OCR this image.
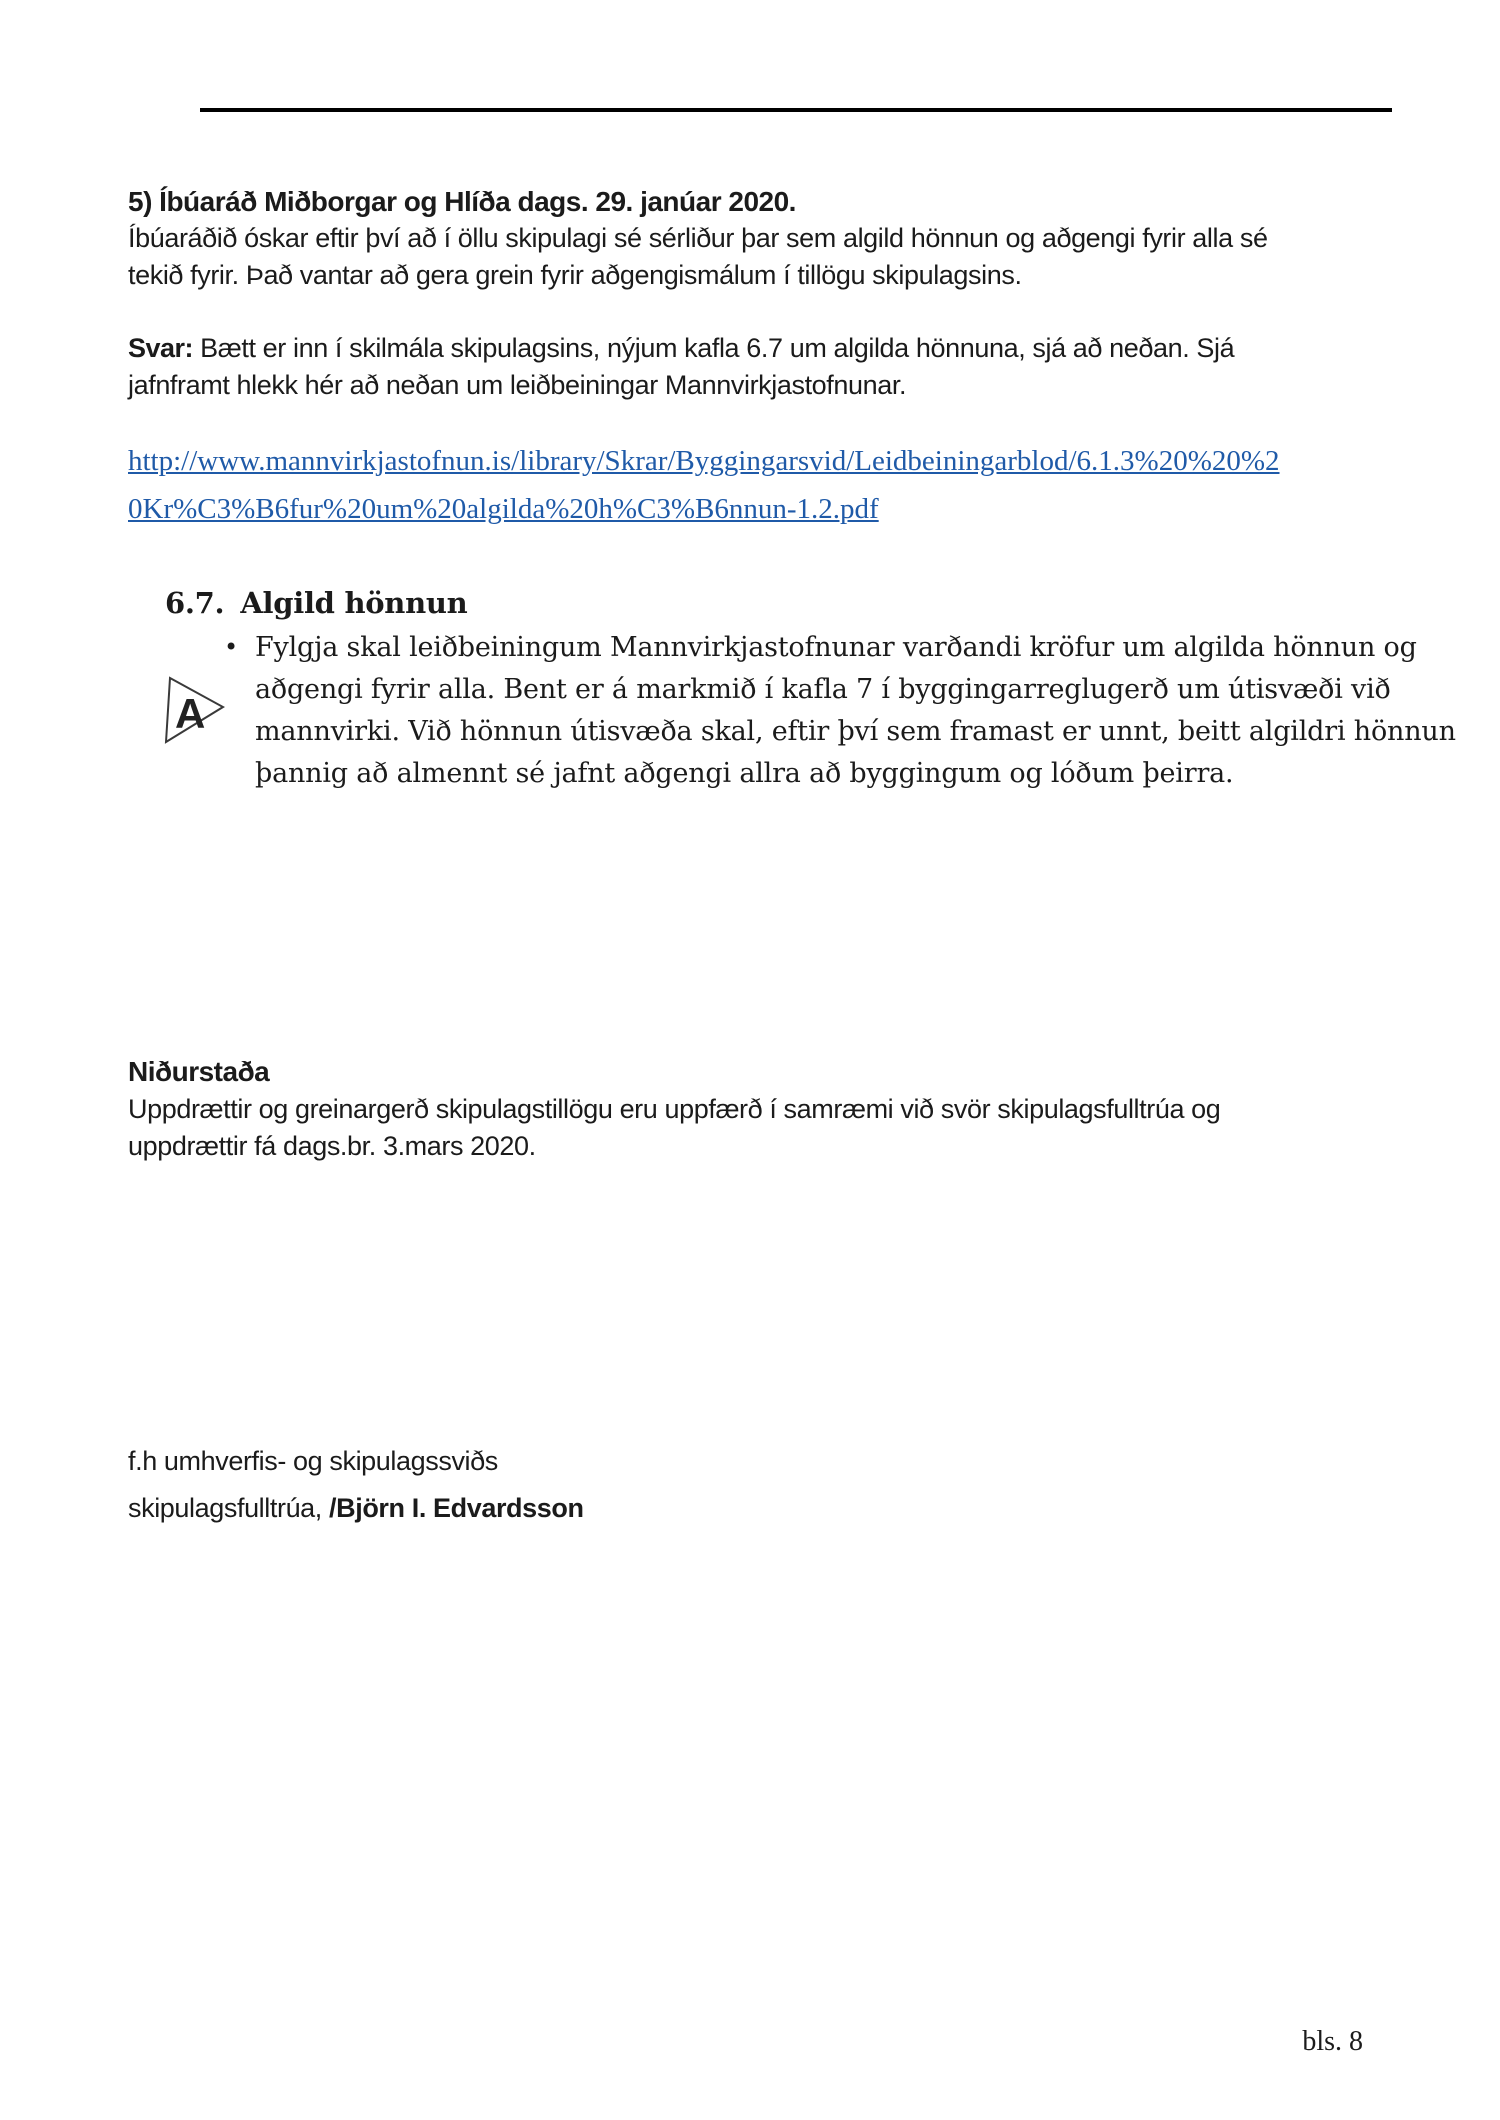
5) Íbúaráð Miðborgar og Hlíða dags. 29. janúar 2020.
Íbúaráðið óskar eftir því að í öllu skipulagi sé sérliður þar sem algild hönnun og aðgengi fyrir alla sé
tekið fyrir. Það vantar að gera grein fyrir aðgengismálum í tillögu skipulagsins.
Svar: Bætt er inn í skilmála skipulagsins, nýjum kafla 6.7 um algilda hönnuna, sjá að neðan. Sjá
jafnframt hlekk hér að neðan um leiðbeiningar Mannvirkjastofnunar.
http://www.mannvirkjastofnun.is/library/Skrar/Byggingarsvid/Leidbeiningarblod/6.1.3%20%20%2
0Kr%C3%B6fur%20um%20algilda%20h%C3%B6nnun-1.2.pdf
6.7. Algild hönnun
• Fylgja skal leiðbeiningum Mannvirkjastofnunar varðandi kröfur um algilda hönnun og
aðgengi fyrir alla. Bent er á markmið í kafla 7 í byggingarreglugerð um útisvæði við
mannvirki. Við hönnun útisvæða skal, eftir því sem framast er unnt, beitt algildri hönnun
þannig að almennt sé jafnt aðgengi allra að byggingum og lóðum þeirra.
A
Niðurstaða
Uppdrættir og greinargerð skipulagstillögu eru uppfærð í samræmi við svör skipulagsfulltrúa og
uppdrættir fá dags.br. 3.mars 2020.
f.h umhverfis- og skipulagssviðs
skipulagsfulltrúa, /Björn I. Edvardsson
bls. 8
